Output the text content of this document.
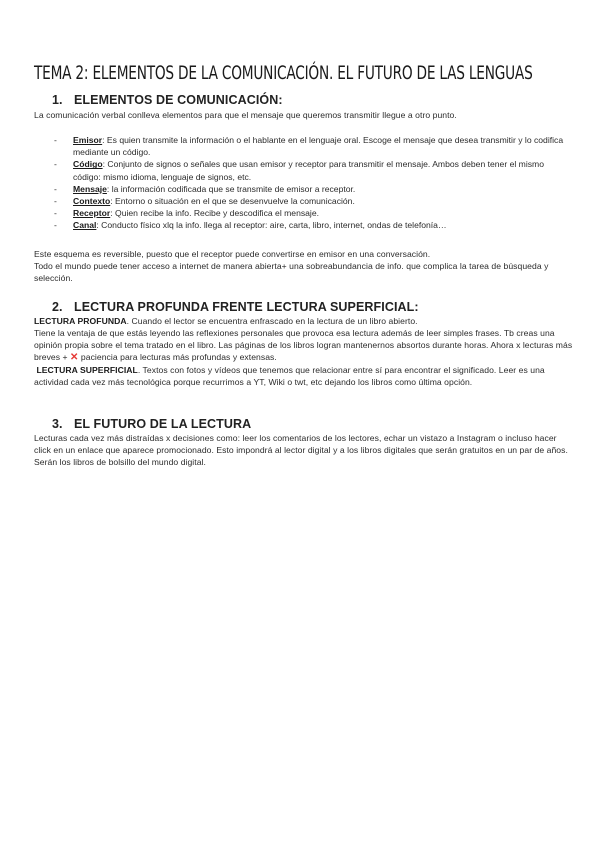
TEMA 2: ELEMENTOS DE LA COMUNICACIÓN. EL FUTURO DE LAS LENGUAS
1. ELEMENTOS DE COMUNICACIÓN:

La comunicación verbal conlleva elementos para que el mensaje que queremos transmitir llegue a otro punto.

- Emisor: Es quien transmite la información o el hablante en el lenguaje oral. Escoge el mensaje que desea transmitir y lo codifica mediante un código.
- Código: Conjunto de signos o señales que usan emisor y receptor para transmitir el mensaje. Ambos deben tener el mismo código: mismo idioma, lenguaje de signos, etc.
- Mensaje: la información codificada que se transmite de emisor a receptor.
- Contexto: Entorno o situación en el que se desenvuelve la comunicación.
- Receptor: Quien recibe la info. Recibe y descodifica el mensaje.
- Canal: Conducto físico xlq la info. llega al receptor: aire, carta, libro, internet, ondas de telefonía…

Este esquema es reversible, puesto que el receptor puede convertirse en emisor en una conversación.

Todo el mundo puede tener acceso a internet de manera abierta+ una sobreabundancia de info. que complica la tarea de búsqueda y selección.

2. LECTURA PROFUNDA FRENTE LECTURA SUPERFICIAL:

LECTURA PROFUNDA. Cuando el lector se encuentra enfrascado en la lectura de un libro abierto.

Tiene la ventaja de que estás leyendo las reflexiones personales que provoca esa lectura además de leer simples frases. Tb creas una opinión propia sobre el tema tratado en el libro. Las páginas de los libros logran mantenernos absortos durante horas. Ahora x lecturas más breves + ✕ paciencia para lecturas más profundas y extensas.

LECTURA SUPERFICIAL. Textos con fotos y vídeos que tenemos que relacionar entre sí para encontrar el significado. Leer es una actividad cada vez más tecnológica porque recurrimos a YT, Wiki o twt, etc dejando los libros como última opción.

3. EL FUTURO DE LA LECTURA

Lecturas cada vez más distraídas x decisiones como: leer los comentarios de los lectores, echar un vistazo a Instagram o incluso hacer click en un enlace que aparece promocionado. Esto impondrá al lector digital y a los libros digitales que serán gratuitos en un par de años. Serán los libros de bolsillo del mundo digital.
